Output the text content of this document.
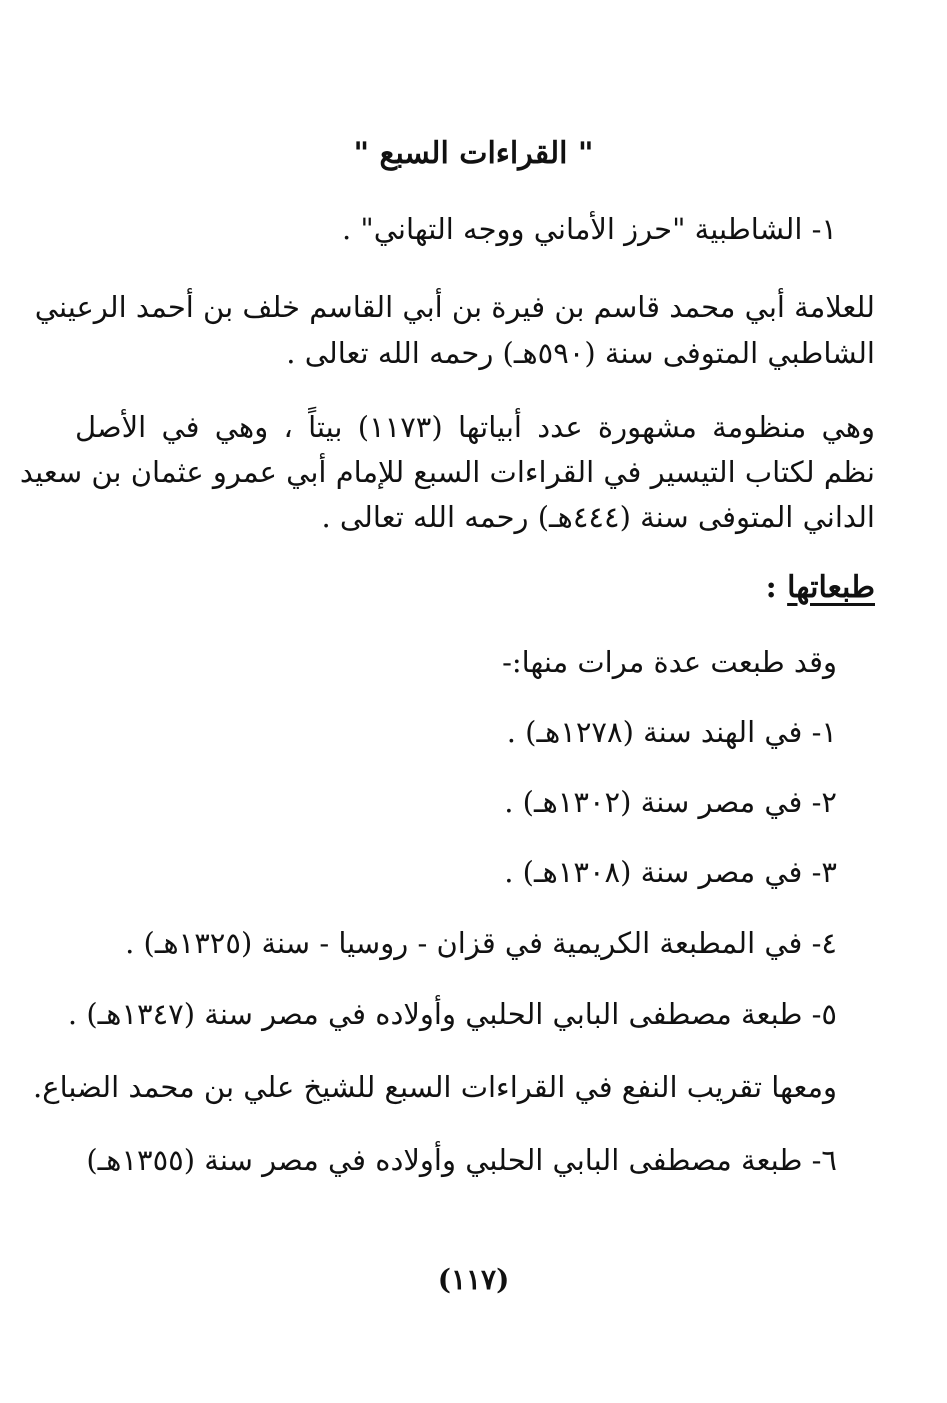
" القراءات السبع "
١- الشاطبية "حرز الأماني ووجه التهاني" .
للعلامة أبي محمد قاسم بن فيرة بن أبي القاسم خلف بن أحمد الرعيني
الشاطبي المتوفى سنة (٥٩٠هـ) رحمه الله تعالى .
وهي منظومة مشهورة عدد أبياتها (١١٧٣) بيتاً ، وهي في الأصل
نظم لكتاب التيسير في القراءات السبع للإمام أبي عمرو عثمان بن سعيد
الداني المتوفى سنة (٤٤٤هـ) رحمه الله تعالى .
طبعاتها :
وقد طبعت عدة مرات منها:-
١- في الهند سنة (١٢٧٨هـ) .
٢- في مصر سنة (١٣٠٢هـ) .
٣- في مصر سنة (١٣٠٨هـ) .
٤- في المطبعة الكريمية في قزان - روسيا - سنة (١٣٢٥هـ) .
٥- طبعة مصطفى البابي الحلبي وأولاده في مصر سنة (١٣٤٧هـ) .
ومعها تقريب النفع في القراءات السبع للشيخ علي بن محمد الضباع.
٦- طبعة مصطفى البابي الحلبي وأولاده في مصر سنة (١٣٥٥هـ)
(١١٧)
